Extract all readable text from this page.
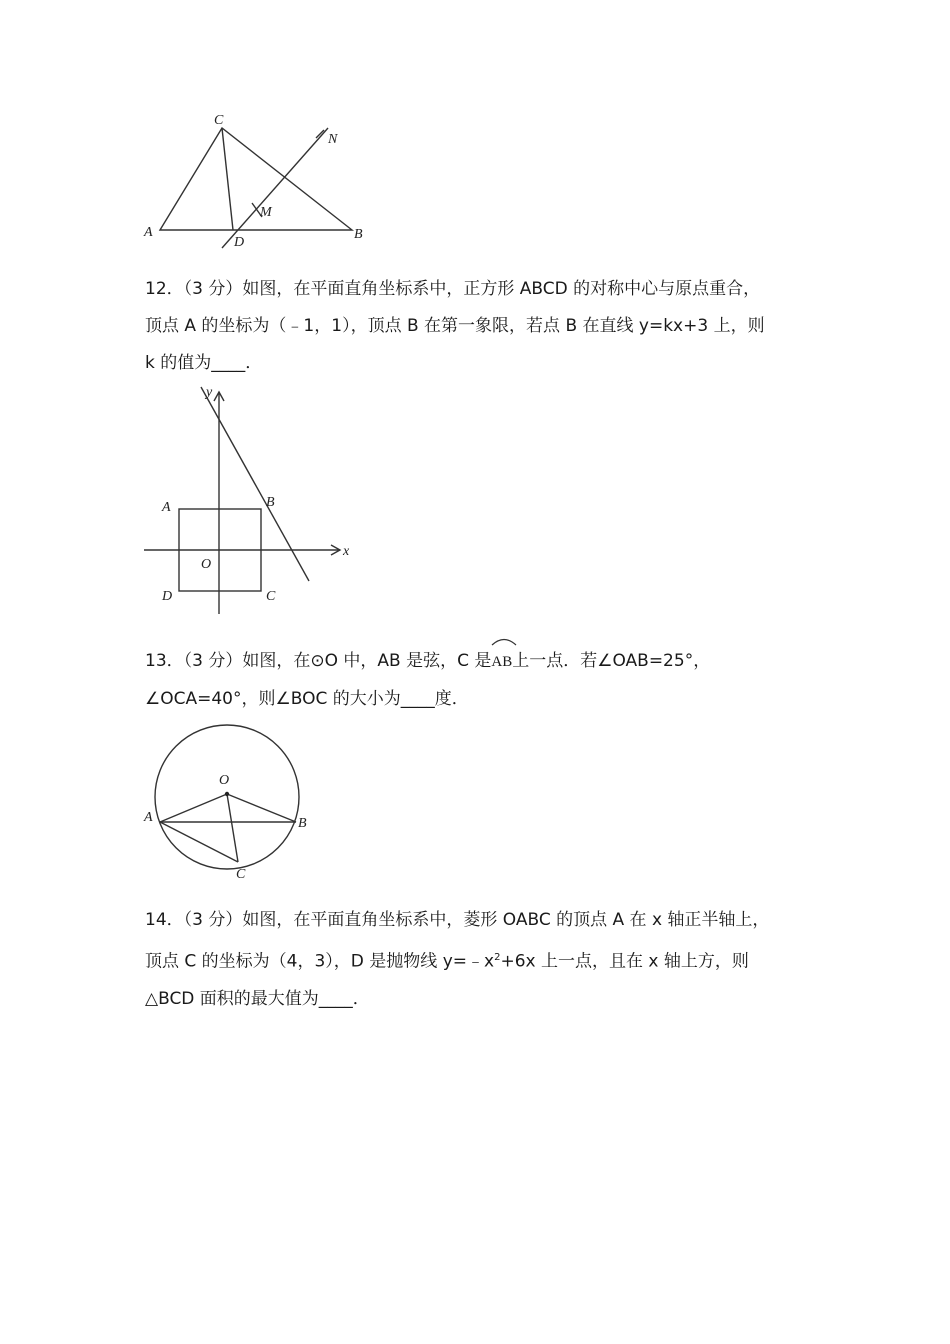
C
N
M
A
D
B

12．（3 分）如图，在平面直角坐标系中，正方形 ABCD 的对称中心与原点重合，

顶点 A 的坐标为（﹣1，1），顶点 B 在第一象限，若点 B 在直线 y=kx+3 上，则

k 的值为____．

y
x
A	B
O
D	C

13．（3 分）如图，在⊙O 中，AB 是弦，C 是
AB上一点．若∠OAB=25°，

∠OCA=40°，则∠BOC 的大小为____度．

O
A	B
C

14．（3 分）如图，在平面直角坐标系中，菱形 OABC 的顶点 A 在 x 轴正半轴上，

顶点 C 的坐标为（4，3），D 是抛物线 $y=﹣x^2+6x$ 上一点，且在 x 轴上方，则

△BCD 面积的最大值为____．
